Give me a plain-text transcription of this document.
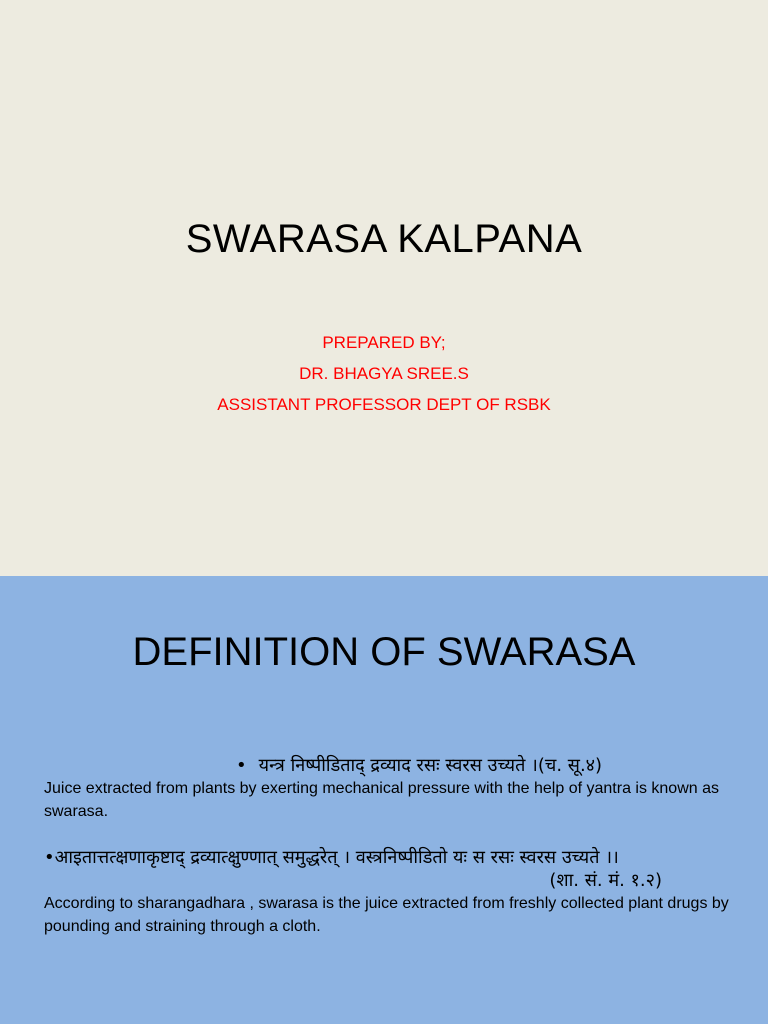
SWARASA KALPANA
PREPARED BY;
DR. BHAGYA SREE.S
ASSISTANT PROFESSOR DEPT OF RSBK
DEFINITION OF SWARASA
• यन्त्र निष्पीडिताद् द्रव्याद रसः स्वरस उच्यते ।(च. सू.४)
Juice extracted from plants by exerting mechanical pressure with the help of yantra is known as swarasa.
•आइतात्तत्क्षणाकृष्टाद् द्रव्यात्क्षुण्णात् समुद्धरेत् । वस्त्रनिष्पीडितो यः स रसः स्वरस उच्यते ।।
(शा. सं. मं. १.२)
According to sharangadhara , swarasa is the juice extracted from freshly collected plant drugs by pounding and straining through a cloth.
